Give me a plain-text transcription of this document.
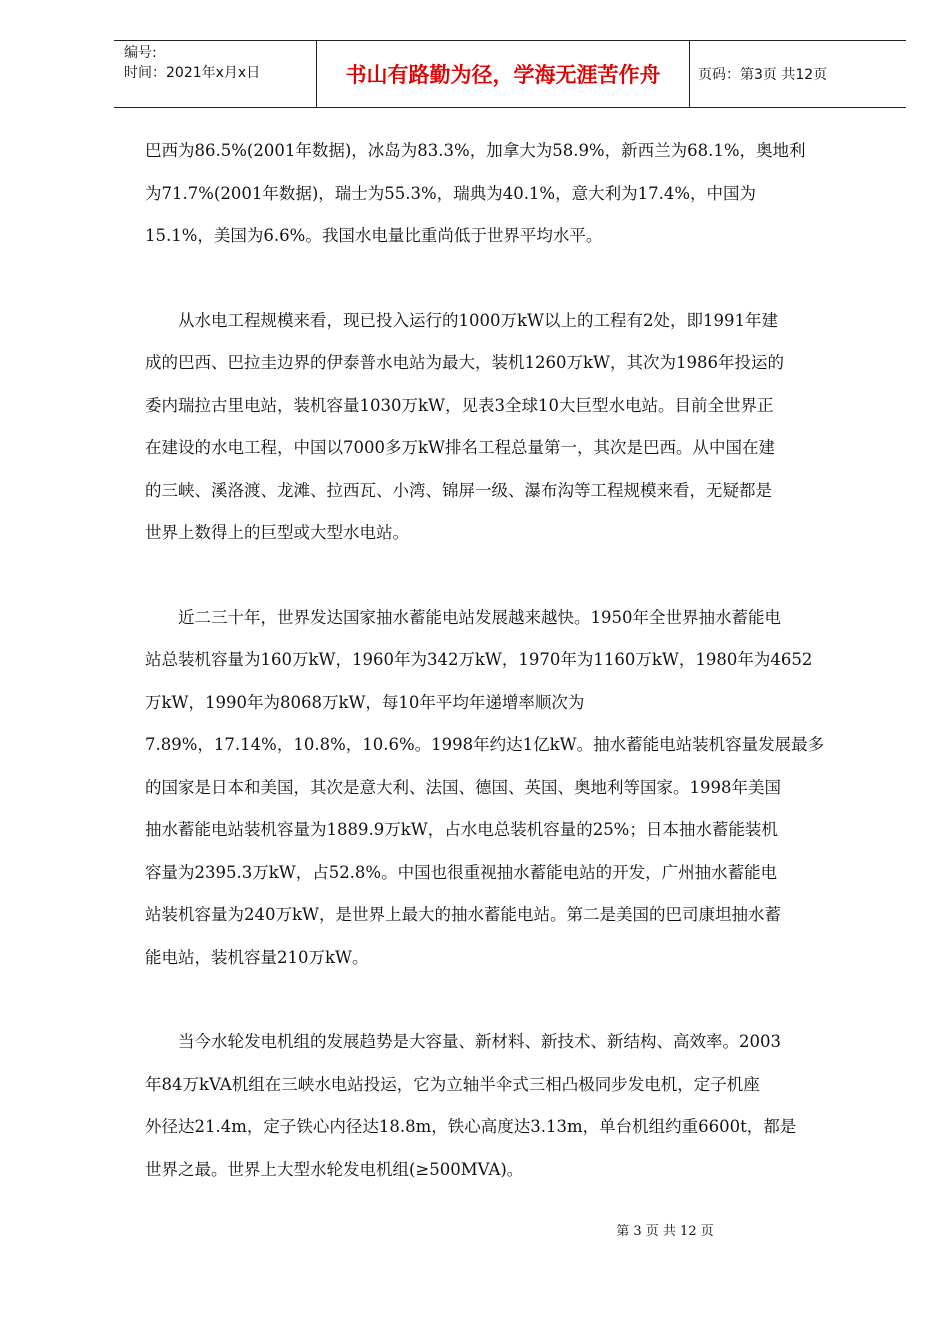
编号:
时间：2021年x月x日	书山有路勤为径，学海无涯苦作舟	页码：第3页 共12页
巴西为86.5%(2001年数据)，冰岛为83.3%，加拿大为58.9%，新西兰为68.1%，奥地利
为71.7%(2001年数据)，瑞士为55.3%，瑞典为40.1%，意大利为17.4%，中国为
15.1%，美国为6.6%。我国水电量比重尚低于世界平均水平。
从水电工程规模来看，现已投入运行的1000万kW以上的工程有2处，即1991年建
成的巴西、巴拉圭边界的伊泰普水电站为最大，装机1260万kW，其次为1986年投运的
委内瑞拉古里电站，装机容量1030万kW，见表3全球10大巨型水电站。目前全世界正
在建设的水电工程，中国以7000多万kW排名工程总量第一，其次是巴西。从中国在建
的三峡、溪洛渡、龙滩、拉西瓦、小湾、锦屏一级、瀑布沟等工程规模来看，无疑都是
世界上数得上的巨型或大型水电站。
近二三十年，世界发达国家抽水蓄能电站发展越来越快。1950年全世界抽水蓄能电
站总装机容量为160万kW，1960年为342万kW，1970年为1160万kW，1980年为4652
万kW，1990年为8068万kW，每10年平均年递增率顺次为
7.89%，17.14%，10.8%，10.6%。1998年约达1亿kW。抽水蓄能电站装机容量发展最多
的国家是日本和美国，其次是意大利、法国、德国、英国、奥地利等国家。1998年美国
抽水蓄能电站装机容量为1889.9万kW，占水电总装机容量的25%；日本抽水蓄能装机
容量为2395.3万kW，占52.8%。中国也很重视抽水蓄能电站的开发，广州抽水蓄能电
站装机容量为240万kW，是世界上最大的抽水蓄能电站。第二是美国的巴司康坦抽水蓄
能电站，装机容量210万kW。
当今水轮发电机组的发展趋势是大容量、新材料、新技术、新结构、高效率。2003
年84万kVA机组在三峡水电站投运，它为立轴半伞式三相凸极同步发电机，定子机座
外径达21.4m，定子铁心内径达18.8m，铁心高度达3.13m，单台机组约重6600t，都是
世界之最。世界上大型水轮发电机组(≥500MVA)。
第 3 页 共 12 页
